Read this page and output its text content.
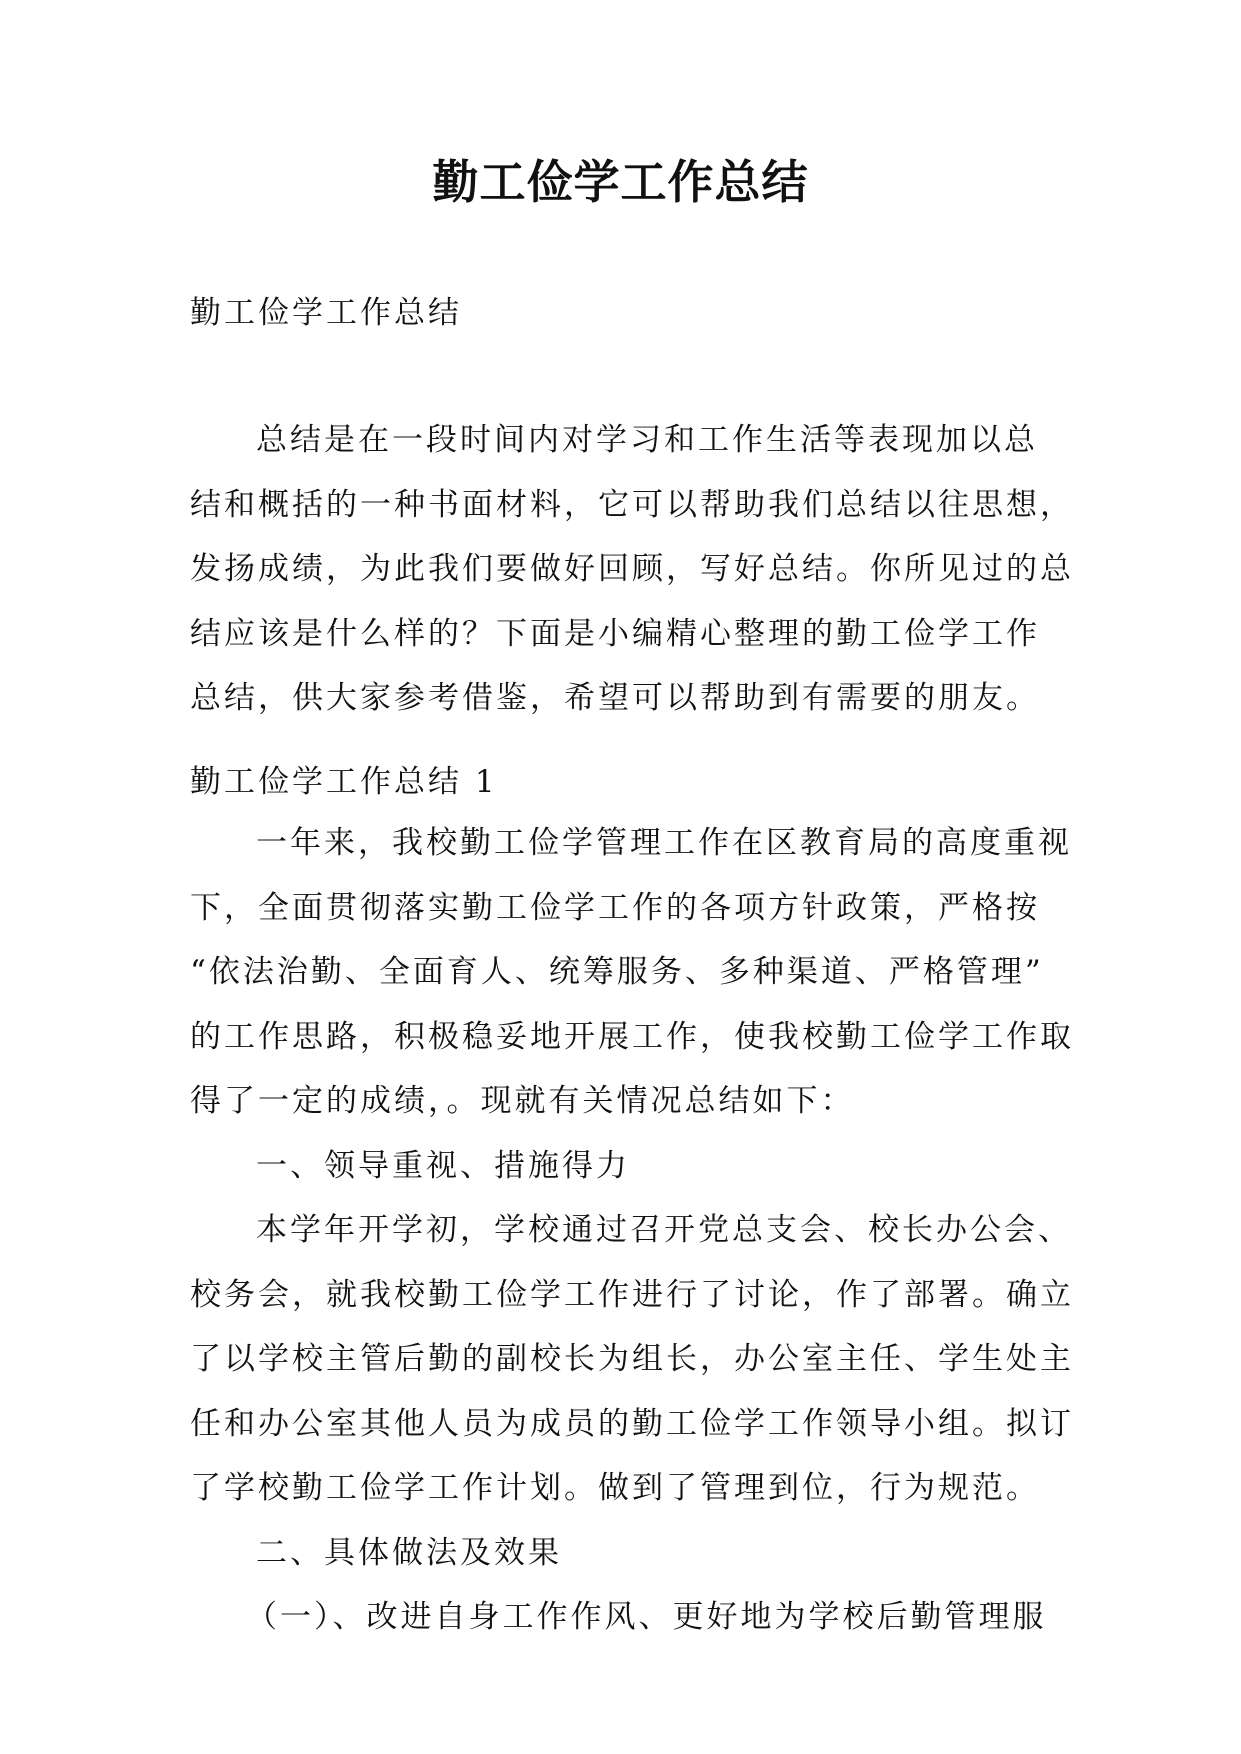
勤工俭学工作总结
勤工俭学工作总结

总结是在一段时间内对学习和工作生活等表现加以总

结和概括的一种书面材料，它可以帮助我们总结以往思想，

发扬成绩，为此我们要做好回顾，写好总结。你所见过的总

结应该是什么样的？下面是小编精心整理的勤工俭学工作

总结，供大家参考借鉴，希望可以帮助到有需要的朋友。

勤工俭学工作总结 1

一年来，我校勤工俭学管理工作在区教育局的高度重视

下，全面贯彻落实勤工俭学工作的各项方针政策，严格按

“依法治勤、全面育人、统筹服务、多种渠道、严格管理”

的工作思路，积极稳妥地开展工作，使我校勤工俭学工作取

得了一定的成绩，。现就有关情况总结如下：

一、领导重视、措施得力

本学年开学初，学校通过召开党总支会、校长办公会、

校务会，就我校勤工俭学工作进行了讨论，作了部署。确立

了以学校主管后勤的副校长为组长，办公室主任、学生处主

任和办公室其他人员为成员的勤工俭学工作领导小组。拟订

了学校勤工俭学工作计划。做到了管理到位，行为规范。

二、具体做法及效果

（一）、改进自身工作作风、更好地为学校后勤管理服
